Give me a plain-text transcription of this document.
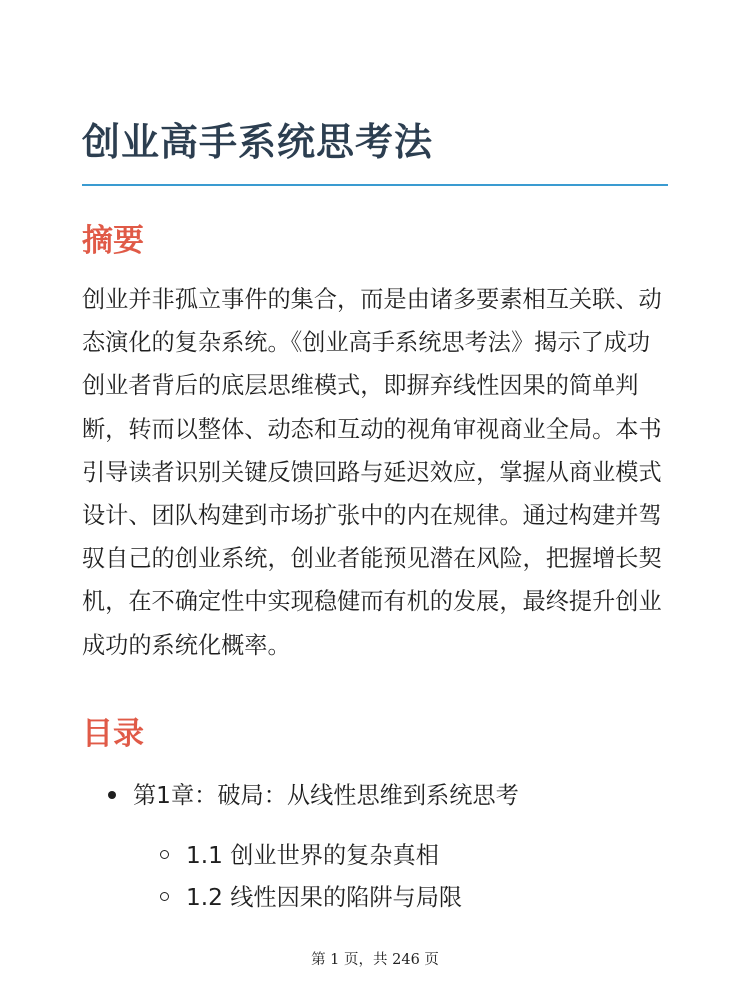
创业高手系统思考法
摘要

创业并非孤立事件的集合，而是由诸多要素相互关联、动态演化的复杂系统。《创业高手系统思考法》揭示了成功创业者背后的底层思维模式，即摒弃线性因果的简单判断，转而以整体、动态和互动的视角审视商业全局。本书引导读者识别关键反馈回路与延迟效应，掌握从商业模式设计、团队构建到市场扩张中的内在规律。通过构建并驾驭自己的创业系统，创业者能预见潜在风险，把握增长契机，在不确定性中实现稳健而有机的发展，最终提升创业成功的系统化概率。

目录
第1章：破局：从线性思维到系统思考
1.1 创业世界的复杂真相
1.2 线性因果的陷阱与局限
第 1 页，共 246 页
